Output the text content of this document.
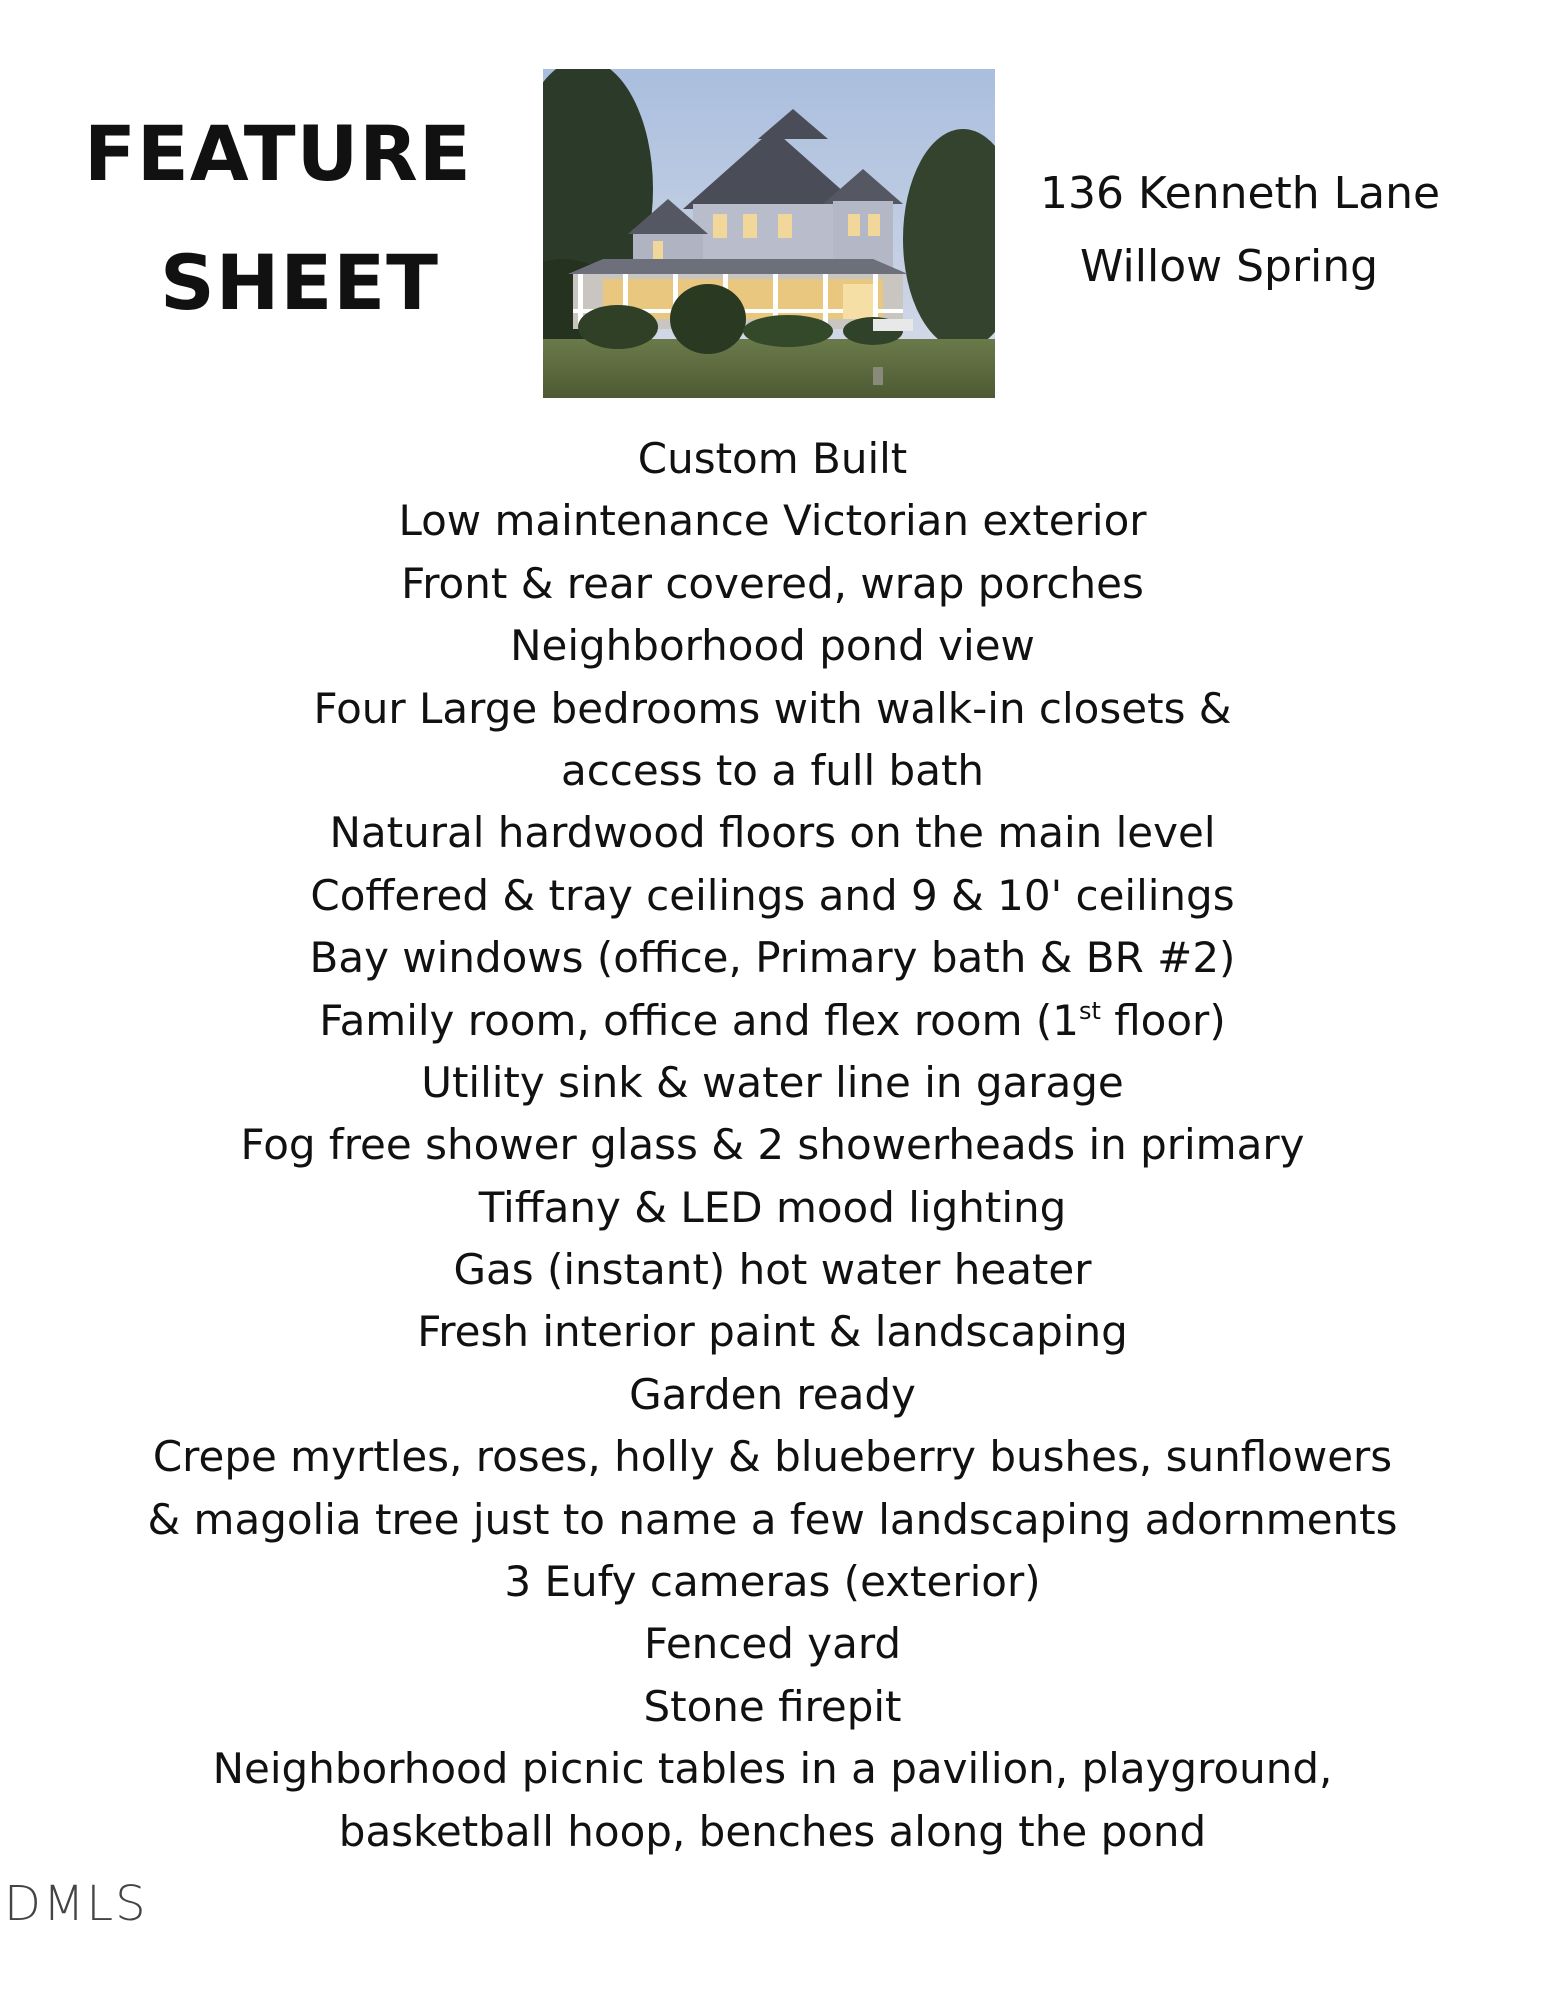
FEATURE
SHEET
136 Kenneth Lane
Willow Spring
Custom Built
Low maintenance Victorian exterior
Front & rear covered, wrap porches
Neighborhood pond view
Four Large bedrooms with walk-in closets &
access to a full bath
Natural hardwood floors on the main level
Coffered & tray ceilings and 9 & 10' ceilings
Bay windows (office, Primary bath & BR #2)
Family room, office and flex room (1st floor)
Utility sink & water line in garage
Fog free shower glass & 2 showerheads in primary
Tiffany & LED mood lighting
Gas (instant) hot water heater
Fresh interior paint & landscaping
Garden ready
Crepe myrtles, roses, holly & blueberry bushes, sunflowers
& magolia tree just to name a few landscaping adornments
3 Eufy cameras (exterior)
Fenced yard
Stone firepit
Neighborhood picnic tables in a pavilion, playground,
basketball hoop, benches along the pond
DMLS
